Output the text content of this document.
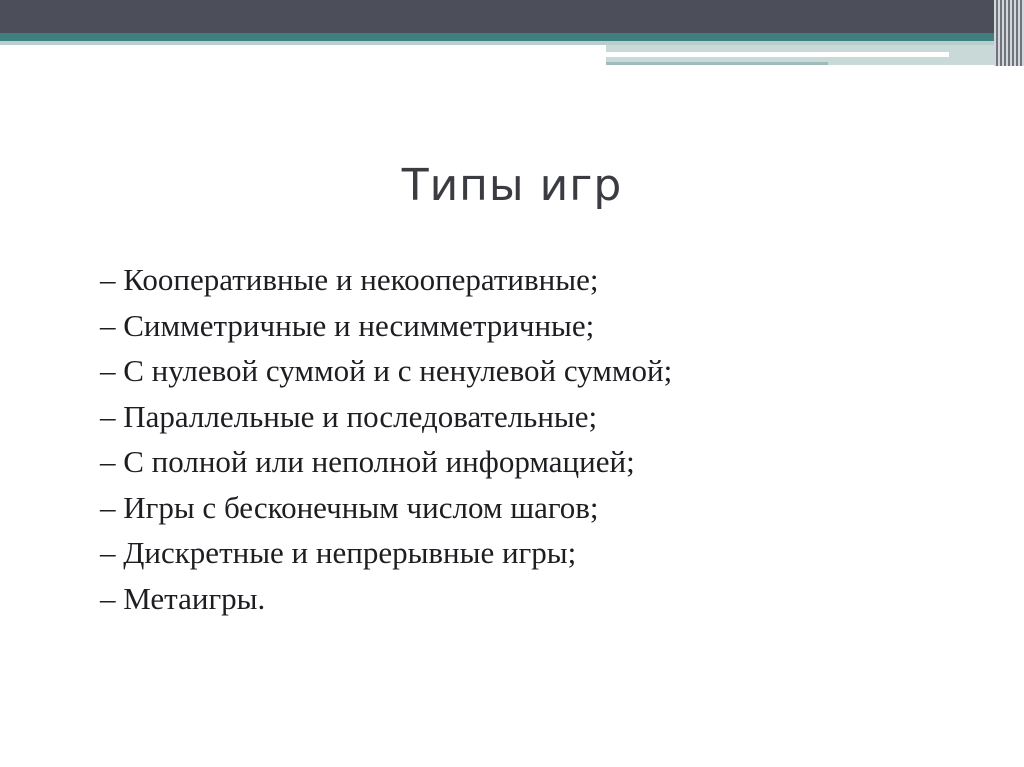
Типы игр
– Кооперативные и некооперативные;
– Симметричные и несимметричные;
– С нулевой суммой и с ненулевой суммой;
– Параллельные и последовательные;
– С полной или неполной информацией;
– Игры с бесконечным числом шагов;
– Дискретные и непрерывные игры;
– Метаигры.
